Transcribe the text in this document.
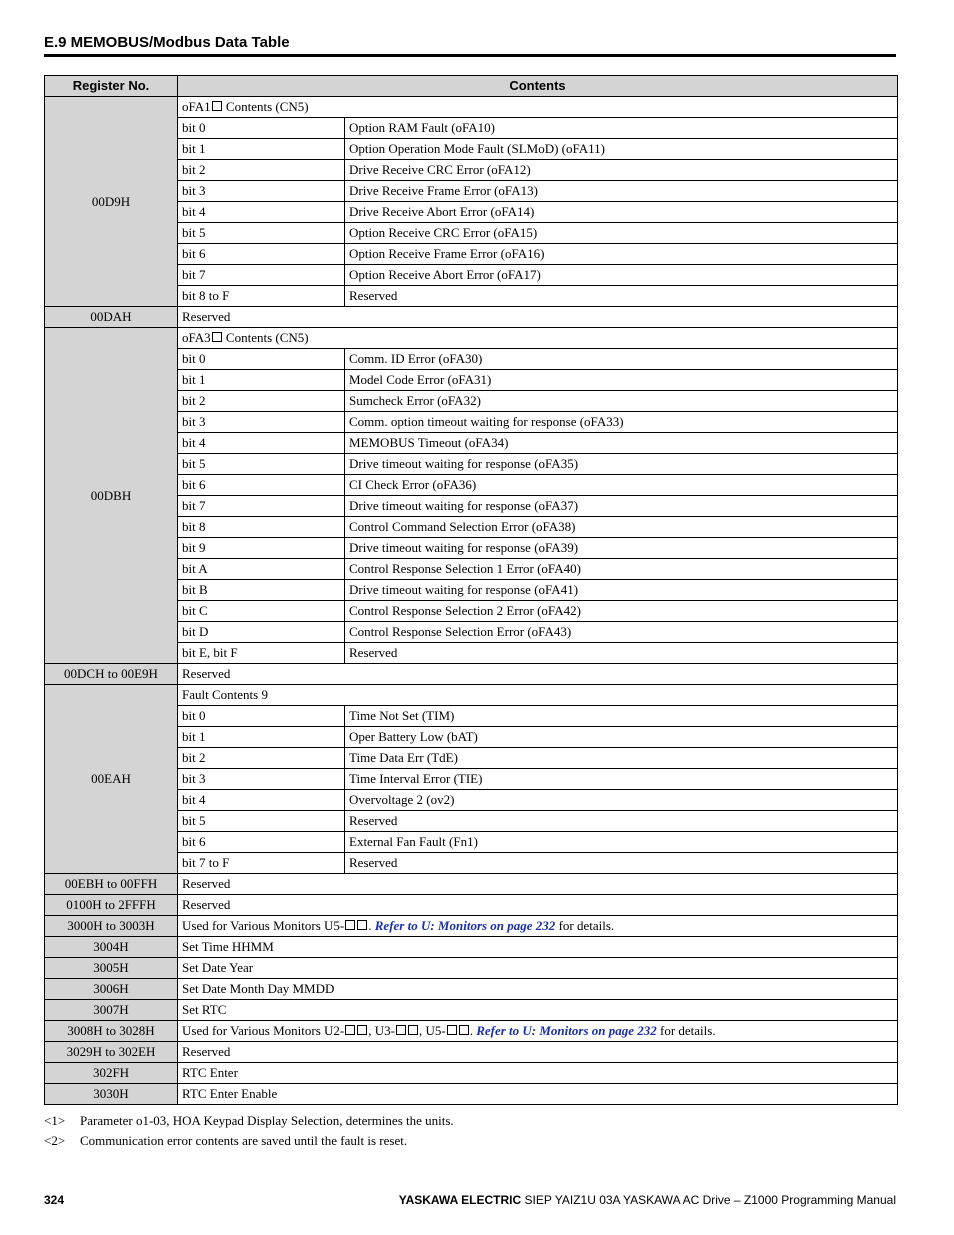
E.9 MEMOBUS/Modbus Data Table
Register No.	Contents	
00D9H	oFA1 Contents (CN5)	
	bit 0	Option RAM Fault (oFA10)
	bit 1	Option Operation Mode Fault (SLMoD) (oFA11)
	bit 2	Drive Receive CRC Error (oFA12)
	bit 3	Drive Receive Frame Error (oFA13)
	bit 4	Drive Receive Abort Error (oFA14)
	bit 5	Option Receive CRC Error (oFA15)
	bit 6	Option Receive Frame Error (oFA16)
	bit 7	Option Receive Abort Error (oFA17)
	bit 8 to F	Reserved
00DAH	Reserved	
00DBH	oFA3 Contents (CN5)	
	bit 0	Comm. ID Error (oFA30)
	bit 1	Model Code Error (oFA31)
	bit 2	Sumcheck Error (oFA32)
	bit 3	Comm. option timeout waiting for response (oFA33)
	bit 4	MEMOBUS Timeout (oFA34)
	bit 5	Drive timeout waiting for response (oFA35)
	bit 6	CI Check Error (oFA36)
	bit 7	Drive timeout waiting for response (oFA37)
	bit 8	Control Command Selection Error (oFA38)
	bit 9	Drive timeout waiting for response (oFA39)
	bit A	Control Response Selection 1 Error (oFA40)
	bit B	Drive timeout waiting for response (oFA41)
	bit C	Control Response Selection 2 Error (oFA42)
	bit D	Control Response Selection Error (oFA43)
	bit E, bit F	Reserved
00DCH to 00E9H	Reserved	
00EAH	Fault Contents 9	
	bit 0	Time Not Set (TIM)
	bit 1	Oper Battery Low (bAT)
	bit 2	Time Data Err (TdE)
	bit 3	Time Interval Error (TIE)
	bit 4	Overvoltage 2 (ov2)
	bit 5	Reserved
	bit 6	External Fan Fault (Fn1)
	bit 7 to F	Reserved
00EBH to 00FFH	Reserved	
0100H to 2FFFH	Reserved	
3000H to 3003H	Used for Various Monitors U5- . Refer to U: Monitors on page 232 for details.	
3004H	Set Time HHMM	
3005H	Set Date Year	
3006H	Set Date Month Day MMDD	
3007H	Set RTC	
3008H to 3028H	Used for Various Monitors U2- , U3- , U5- . Refer to U: Monitors on page 232 for details.	
3029H to 302EH	Reserved	
302FH	RTC Enter	
3030H	RTC Enter Enable	
<1> Parameter o1-03, HOA Keypad Display Selection, determines the units.
<2> Communication error contents are saved until the fault is reset.
324	YASKAWA ELECTRIC SIEP YAIZ1U 03A YASKAWA AC Drive – Z1000 Programming Manual
